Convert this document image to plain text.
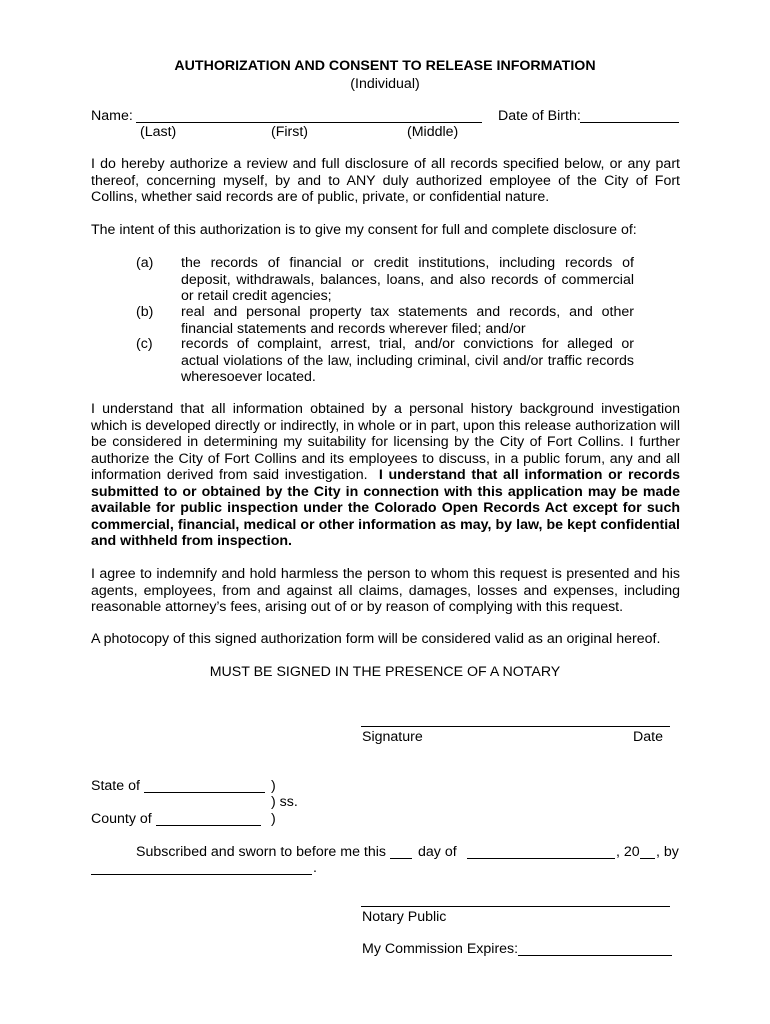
AUTHORIZATION AND CONSENT TO RELEASE INFORMATION
(Individual)
Name:
(Last)	(First)	(Middle)
Date of Birth:
I do hereby authorize a review and full disclosure of all records specified below, or any part thereof, concerning myself, by and to ANY duly authorized employee of the City of Fort Collins, whether said records are of public, private, or confidential nature.
The intent of this authorization is to give my consent for full and complete disclosure of:
(a) the records of financial or credit institutions, including records of deposit, withdrawals, balances, loans, and also records of commercial or retail credit agencies;
(b) real and personal property tax statements and records, and other financial statements and records wherever filed; and/or
(c) records of complaint, arrest, trial, and/or convictions for alleged or actual violations of the law, including criminal, civil and/or traffic records wheresoever located.
I understand that all information obtained by a personal history background investigation which is developed directly or indirectly, in whole or in part, upon this release authorization will be considered in determining my suitability for licensing by the City of Fort Collins. I further authorize the City of Fort Collins and its employees to discuss, in a public forum, any and all information derived from said investigation. I understand that all information or records submitted to or obtained by the City in connection with this application may be made available for public inspection under the Colorado Open Records Act except for such commercial, financial, medical or other information as may, by law, be kept confidential and withheld from inspection.
I agree to indemnify and hold harmless the person to whom this request is presented and his agents, employees, from and against all claims, damages, losses and expenses, including reasonable attorney’s fees, arising out of or by reason of complying with this request.
A photocopy of this signed authorization form will be considered valid as an original hereof.
MUST BE SIGNED IN THE PRESENCE OF A NOTARY
Signature	Date
State of	)
) ss.
County of	)
Subscribed and sworn to before me this day of	, 20 , by
.
Notary Public
My Commission Expires:
